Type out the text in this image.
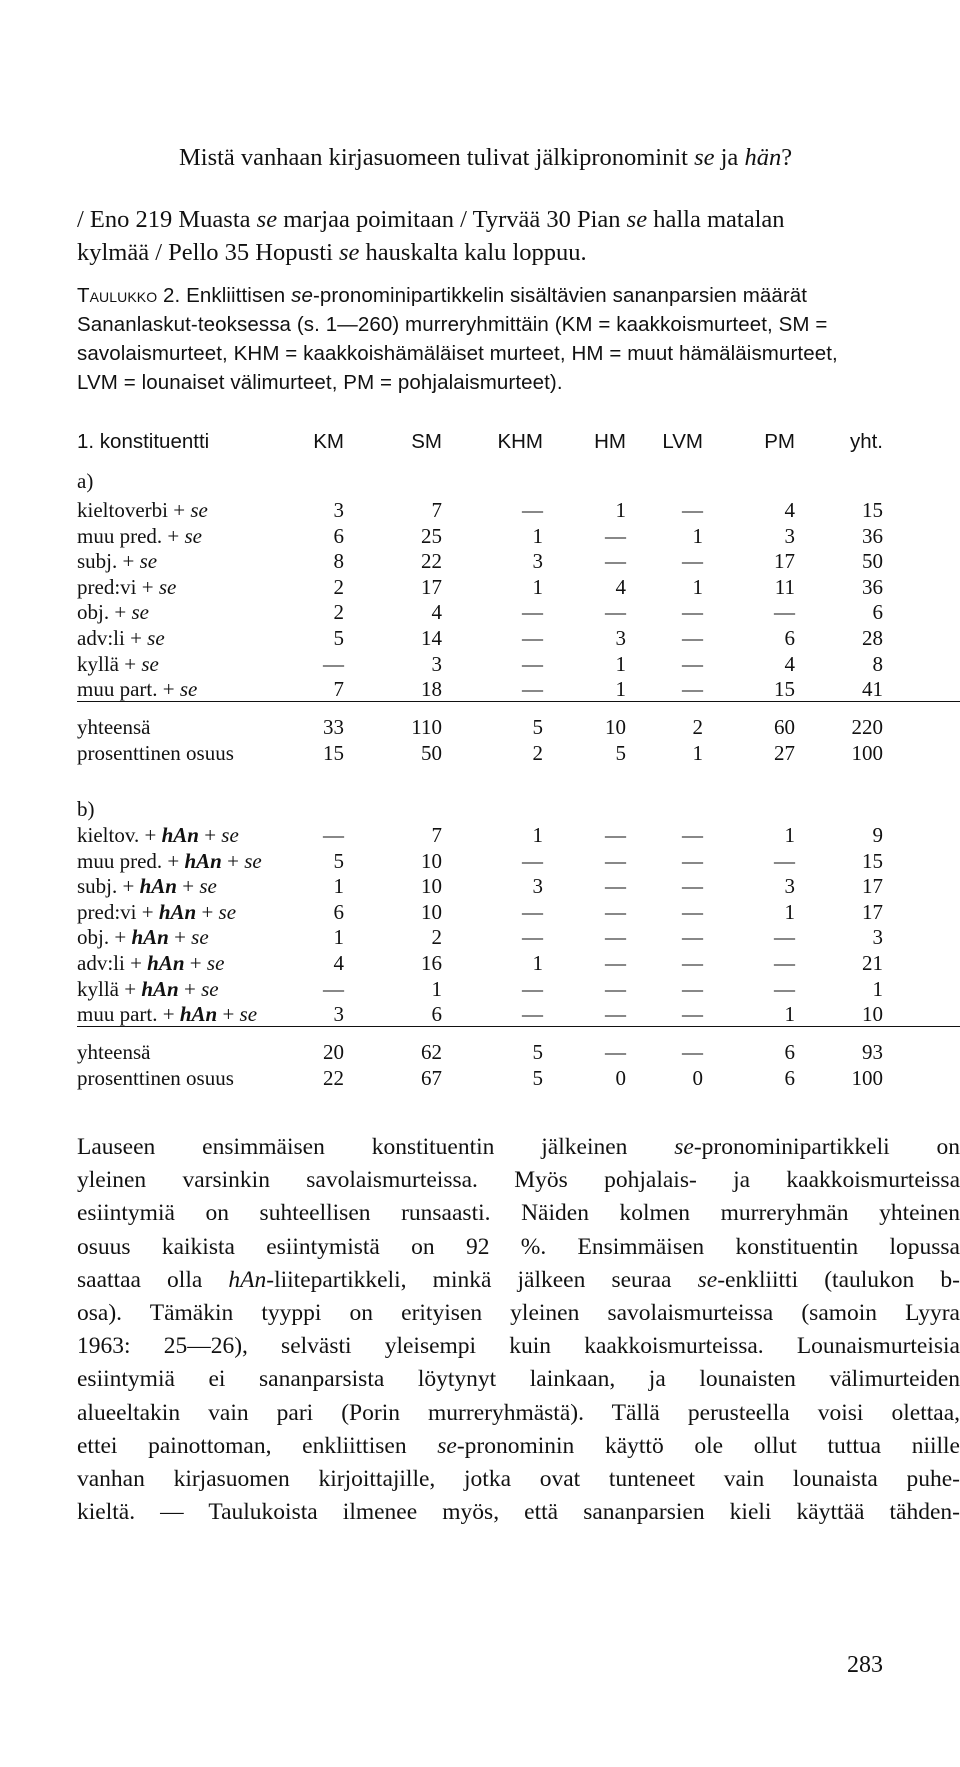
Mistä vanhaan kirjasuomeen tulivat jälkipronominit se ja hän?
/ Eno 219 Muasta se marjaa poimitaan / Tyrvää 30 Pian se halla matalan
kylmää / Pello 35 Hopusti se hauskalta kalu loppuu.
Taulukko 2. Enkliittisen se-pronominipartikkelin sisältävien sananparsien määrät
Sananlaskut-teoksessa (s. 1—260) murreryhmittäin (KM = kaakkoismurteet, SM =
savolaismurteet, KHM = kaakkoishämäläiset murteet, HM = muut hämäläismurteet,
LVM = lounaiset välimurteet, PM = pohjalaismurteet).
1. konstituentti	KM	SM	KHM HM LVM	PM	yht.
a)
kieltoverbi + se	3	7	—	1	—	4	15
muu pred. + se	6	25	1	—	1	3	36
subj. + se	8	22	3	—	—	17	50
pred:vi + se	2	17	1	4	1	11	36
obj. + se	2	4	—	—	—	—	6
adv:li + se	5	14	—	3	—	6	28
kyllä + se	—	3	—	1	—	4	8
muu part. + se	7	18	—	1	—	15	41
yhteensä	33	110	5	10	2	60	220
prosenttinen osuus	15	50	2	5	1	27	100
b)
kieltov. + hAn + se	—	7	1	—	—	1	9
muu pred. + hAn + se	5	10	—	—	—	—	15
subj. + hAn + se	1	10	3	—	—	3	17
pred:vi + hAn + se	6	10	—	—	—	1	17
obj. + hAn + se	1	2	—	—	—	—	3
adv:li + hAn + se	4	16	1	—	—	—	21
kyllä + hAn + se	—	1	—	—	—	—	1
muu part. + hAn + se	3	6	—	—	—	1	10
yhteensä	20	62	5	—	—	6	93
prosenttinen osuus	22	67	5	0	0	6	100
Lauseen ensimmäisen konstituentin jälkeinen se-pronominipartikkeli on
yleinen varsinkin savolaismurteissa. Myös pohjalais- ja kaakkoismurteissa
esiintymiä on suhteellisen runsaasti. Näiden kolmen murreryhmän yhteinen
osuus kaikista esiintymistä on 92 %. Ensimmäisen konstituentin lopussa
saattaa olla hAn-liitepartikkeli, minkä jälkeen seuraa se-enkliitti (taulukon b-
osa). Tämäkin tyyppi on erityisen yleinen savolaismurteissa (samoin Lyyra
1963: 25—26), selvästi yleisempi kuin kaakkoismurteissa. Lounaismurteisia
esiintymiä ei sananparsista löytynyt lainkaan, ja lounaisten välimurteiden
alueeltakin vain pari (Porin murreryhmästä). Tällä perusteella voisi olettaa,
ettei painottoman, enkliittisen se-pronominin käyttö ole ollut tuttua niille
vanhan kirjasuomen kirjoittajille, jotka ovat tunteneet vain lounaista puhe-
kieltä. — Taulukoista ilmenee myös, että sananparsien kieli käyttää tähden-
283
